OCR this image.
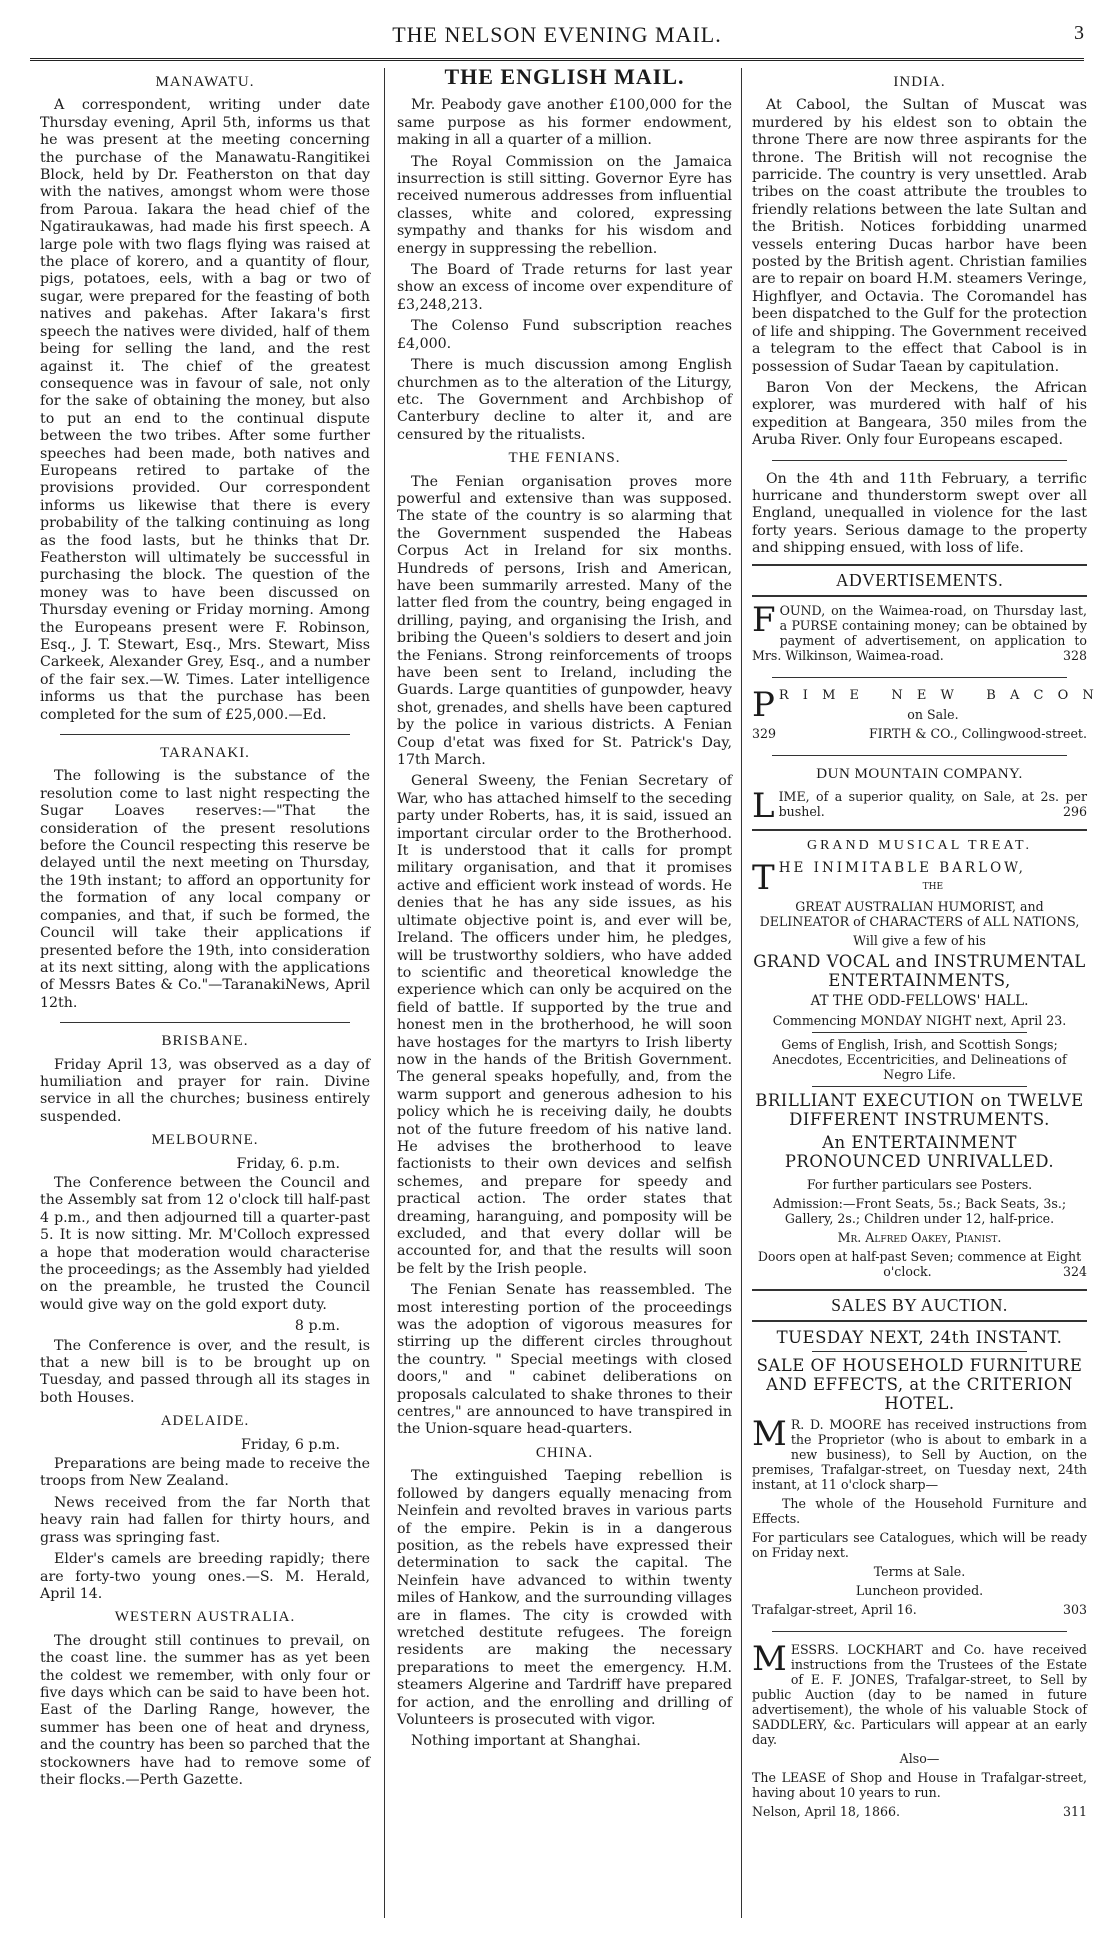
THE NELSON EVENING MAIL.	3
MANAWATU.

A correspondent, writing under date Thursday evening, April 5th, informs us that he was present at the meeting concerning the purchase of the Manawatu-Rangitikei Block, held by Dr. Featherston on that day with the natives, amongst whom were those from Paroua. Iakara the head chief of the Ngatiraukawas, had made his first speech. A large pole with two flags flying was raised at the place of korero, and a quantity of flour, pigs, potatoes, eels, with a bag or two of sugar, were prepared for the feasting of both natives and pakehas. After Iakara's first speech the natives were divided, half of them being for selling the land, and the rest against it. The chief of the greatest consequence was in favour of sale, not only for the sake of obtaining the money, but also to put an end to the continual dispute between the two tribes. After some further speeches had been made, both natives and Europeans retired to partake of the provisions provided. Our correspondent informs us likewise that there is every probability of the talking continuing as long as the food lasts, but he thinks that Dr. Featherston will ultimately be successful in purchasing the block. The question of the money was to have been discussed on Thursday evening or Friday morning. Among the Europeans present were F. Robinson, Esq., J. T. Stewart, Esq., Mrs. Stewart, Miss Carkeek, Alexander Grey, Esq., and a number of the fair sex.—W. Times. Later intelligence informs us that the purchase has been completed for the sum of £25,000.—Ed.

TARANAKI.

The following is the substance of the resolution come to last night respecting the Sugar Loaves reserves:—"That the consideration of the present resolutions before the Council respecting this reserve be delayed until the next meeting on Thursday, the 19th instant; to afford an opportunity for the formation of any local company or companies, and that, if such be formed, the Council will take their applications if presented before the 19th, into consideration at its next sitting, along with the applications of Messrs Bates & Co."—TaranakiNews, April 12th.

BRISBANE.

Friday April 13, was observed as a day of humiliation and prayer for rain. Divine service in all the churches; business entirely suspended.

MELBOURNE.
Friday, 6. p.m.

The Conference between the Council and the Assembly sat from 12 o'clock till half-past 4 p.m., and then adjourned till a quarter-past 5. It is now sitting. Mr. M'Colloch expressed a hope that moderation would characterise the proceedings; as the Assembly had yielded on the preamble, he trusted the Council would give way on the gold export duty.

8 p.m.

The Conference is over, and the result, is that a new bill is to be brought up on Tuesday, and passed through all its stages in both Houses.

ADELAIDE.
Friday, 6 p.m.

Preparations are being made to receive the troops from New Zealand.

News received from the far North that heavy rain had fallen for thirty hours, and grass was springing fast.

Elder's camels are breeding rapidly; there are forty-two young ones.—S. M. Herald, April 14.

WESTERN AUSTRALIA.

The drought still continues to prevail, on the coast line. the summer has as yet been the coldest we remember, with only four or five days which can be said to have been hot. East of the Darling Range, however, the summer has been one of heat and dryness, and the country has been so parched that the stockowners have had to remove some of their flocks.—Perth Gazette.

THE ENGLISH MAIL.

Mr. Peabody gave another £100,000 for the same purpose as his former endowment, making in all a quarter of a million.

The Royal Commission on the Jamaica insurrection is still sitting. Governor Eyre has received numerous addresses from influential classes, white and colored, expressing sympathy and thanks for his wisdom and energy in suppressing the rebellion.

The Board of Trade returns for last year show an excess of income over expenditure of £3,248,213.

The Colenso Fund subscription reaches £4,000.

There is much discussion among English churchmen as to the alteration of the Liturgy, etc. The Government and Archbishop of Canterbury decline to alter it, and are censured by the ritualists.

THE FENIANS.

The Fenian organisation proves more powerful and extensive than was supposed. The state of the country is so alarming that the Government suspended the Habeas Corpus Act in Ireland for six months. Hundreds of persons, Irish and American, have been summarily arrested. Many of the latter fled from the country, being engaged in drilling, paying, and organising the Irish, and bribing the Queen's soldiers to desert and join the Fenians. Strong reinforcements of troops have been sent to Ireland, including the Guards. Large quantities of gunpowder, heavy shot, grenades, and shells have been captured by the police in various districts. A Fenian Coup d'etat was fixed for St. Patrick's Day, 17th March.

General Sweeny, the Fenian Secretary of War, who has attached himself to the seceding party under Roberts, has, it is said, issued an important circular order to the Brotherhood. It is understood that it calls for prompt military organisation, and that it promises active and efficient work instead of words. He denies that he has any side issues, as his ultimate objective point is, and ever will be, Ireland. The officers under him, he pledges, will be trustworthy soldiers, who have added to scientific and theoretical knowledge the experience which can only be acquired on the field of battle. If supported by the true and honest men in the brotherhood, he will soon have hostages for the martyrs to Irish liberty now in the hands of the British Government. The general speaks hopefully, and, from the warm support and generous adhesion to his policy which he is receiving daily, he doubts not of the future freedom of his native land. He advises the brotherhood to leave factionists to their own devices and selfish schemes, and prepare for speedy and practical action. The order states that dreaming, haranguing, and pomposity will be excluded, and that every dollar will be accounted for, and that the results will soon be felt by the Irish people.

The Fenian Senate has reassembled. The most interesting portion of the proceedings was the adoption of vigorous measures for stirring up the different circles throughout the country. " Special meetings with closed doors," and " cabinet deliberations on proposals calculated to shake thrones to their centres," are announced to have transpired in the Union-square head-quarters.

CHINA.

The extinguished Taeping rebellion is followed by dangers equally menacing from Neinfein and revolted braves in various parts of the empire. Pekin is in a dangerous position, as the rebels have expressed their determination to sack the capital. The Neinfein have advanced to within twenty miles of Hankow, and the surrounding villages are in flames. The city is crowded with wretched destitute refugees. The foreign residents are making the necessary preparations to meet the emergency. H.M. steamers Algerine and Tardriff have prepared for action, and the enrolling and drilling of Volunteers is prosecuted with vigor.

Nothing important at Shanghai.

INDIA.

At Cabool, the Sultan of Muscat was murdered by his eldest son to obtain the throne There are now three aspirants for the throne. The British will not recognise the parricide. The country is very unsettled. Arab tribes on the coast attribute the troubles to friendly relations between the late Sultan and the British. Notices forbidding unarmed vessels entering Ducas harbor have been posted by the British agent. Christian families are to repair on board H.M. steamers Veringe, Highflyer, and Octavia. The Coromandel has been dispatched to the Gulf for the protection of life and shipping. The Government received a telegram to the effect that Cabool is in possession of Sudar Taean by capitulation.

Baron Von der Meckens, the African explorer, was murdered with half of his expedition at Bangeara, 350 miles from the Aruba River. Only four Europeans escaped.

On the 4th and 11th February, a terrific hurricane and thunderstorm swept over all England, unequalled in violence for the last forty years. Serious damage to the property and shipping ensued, with loss of life.

ADVERTISEMENTS.
F OUND, on the Waimea-road, on Thursday last, a PURSE containing money; can be obtained by payment of advertisement, on application to Mrs. Wilkinson, Waimea-road.	328

P R I M E   N E W   B A C O N

on Sale.

329	FIRTH & CO., Collingwood-street.

DUN MOUNTAIN COMPANY.
L IME, of a superior quality, on Sale, at 2s. per bushel.	296

GRAND MUSICAL TREAT.
T HE INIMITABLE BARLOW,

THE

GREAT AUSTRALIAN HUMORIST, and DELINEATOR of CHARACTERS of ALL NATIONS,

Will give a few of his

GRAND VOCAL and INSTRUMENTAL ENTERTAINMENTS,

AT THE ODD-FELLOWS' HALL.

Commencing MONDAY NIGHT next, April 23.

Gems of English, Irish, and Scottish Songs; Anecdotes, Eccentricities, and Delineations of Negro Life.

BRILLIANT EXECUTION on TWELVE DIFFERENT INSTRUMENTS.

An ENTERTAINMENT PRONOUNCED UNRIVALLED.

For further particulars see Posters.

Admission:—Front Seats, 5s.; Back Seats, 3s.; Gallery, 2s.; Children under 12, half-price.

Mr. Alfred Oakey, Pianist.

Doors open at half-past Seven; commence at Eight o'clock.	324

SALES BY AUCTION.

TUESDAY NEXT, 24th INSTANT.

SALE OF HOUSEHOLD FURNITURE AND EFFECTS, at the CRITERION HOTEL.

M R. D. MOORE has received instructions from the Proprietor (who is about to embark in a new business), to Sell by Auction, on the premises, Trafalgar-street, on Tuesday next, 24th instant, at 11 o'clock sharp—

The whole of the Household Furniture and Effects.

For particulars see Catalogues, which will be ready on Friday next.

Terms at Sale.

Luncheon provided.

Trafalgar-street, April 16.	303

M ESSRS. LOCKHART and Co. have received instructions from the Trustees of the Estate of E. F. JONES, Trafalgar-street, to Sell by public Auction (day to be named in future advertisement), the whole of his valuable Stock of SADDLERY, &c. Particulars will appear at an early day.

Also—

The LEASE of Shop and House in Trafalgar-street, having about 10 years to run.

Nelson, April 18, 1866.	311
